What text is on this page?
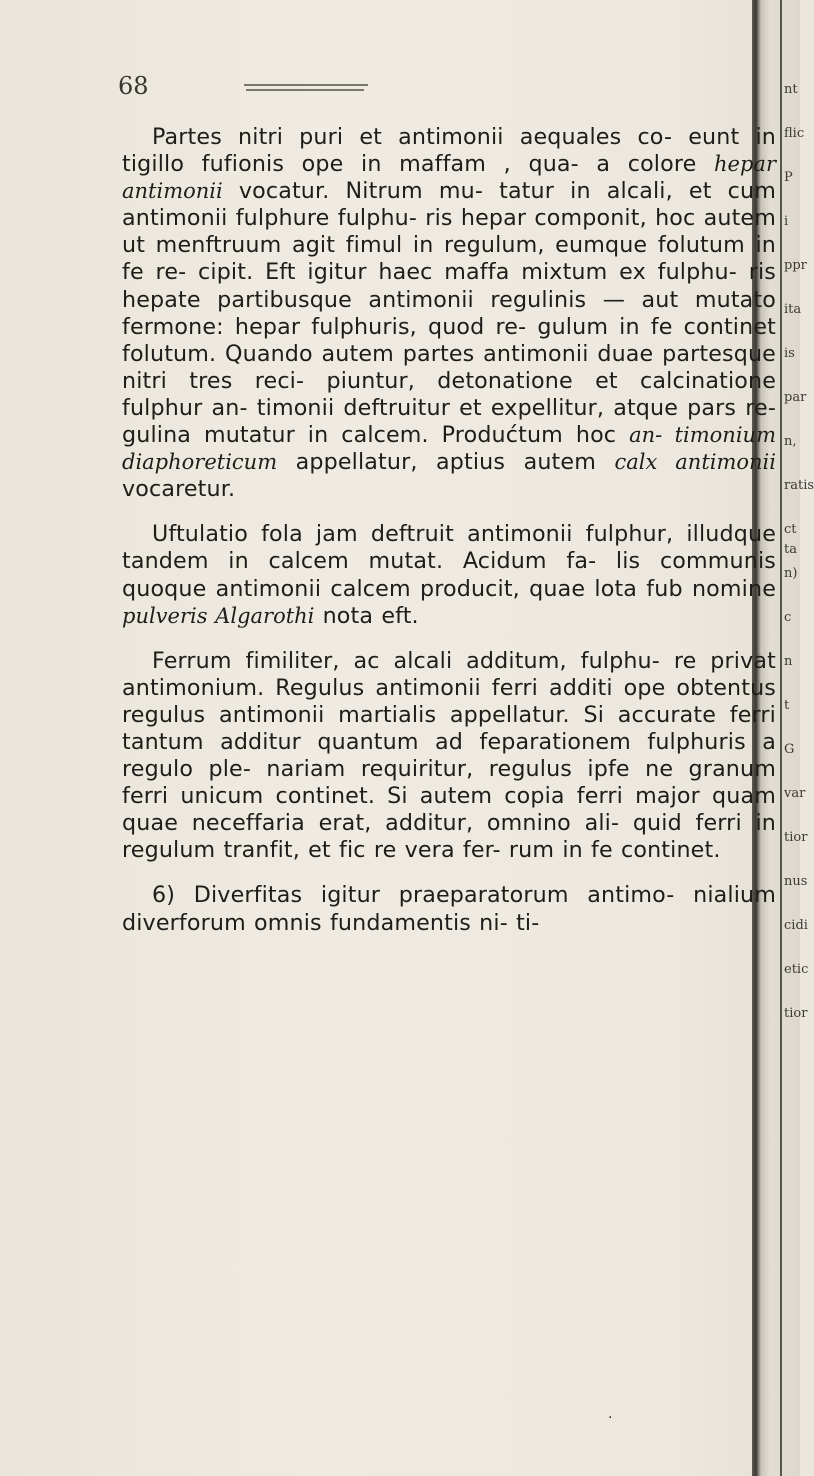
68

Partes nitri puri et antimonii aequales co- eunt in tigillo fufionis ope in maffam , qua- a colore hepar antimonii vocatur. Nitrum mu- tatur in alcali, et cum antimonii fulphure fulphu- ris hepar componit, hoc autem ut menftruum agit fimul in regulum, eumque folutum in fe re- cipit. Eft igitur haec maffa mixtum ex fulphu- ris hepate partibusque antimonii regulinis — aut mutato fermone: hepar fulphuris, quod re- gulum in fe continet folutum. Quando autem partes antimonii duae partesque nitri tres reci- piuntur, detonatione et calcinatione fulphur an- timonii deftruitur et expellitur, atque pars re- gulina mutatur in calcem. Produćtum hoc an- timonium diaphoreticum appellatur, aptius autem calx antimonii vocaretur.

Uftulatio fola jam deftruit antimonii fulphur, illudque tandem in calcem mutat. Acidum fa- lis communis quoque antimonii calcem producit, quae lota fub nomine pulveris Algarothi nota eft.

Ferrum fimiliter, ac alcali additum, fulphu- re privat antimonium. Regulus antimonii ferri additi ope obtentus regulus antimonii martialis appellatur. Si accurate ferri tantum additur quantum ad feparationem fulphuris a regulo ple- nariam requiritur, regulus ipfe ne granum ferri unicum continet. Si autem copia ferri major quam quae neceffaria erat, additur, omnino ali- quid ferri in regulum tranfit, et fic re vera fer- rum in fe continet.

6) Diverfitas igitur praeparatorum antimo- nialium diverforum omnis fundamentis ni- ti-

nt
flic
P
i
ppr
ita
is
par
n,
ratis
ct ta
n)
c
n
t
G
var
tior
nus
cidi
etic
tior
⋅
